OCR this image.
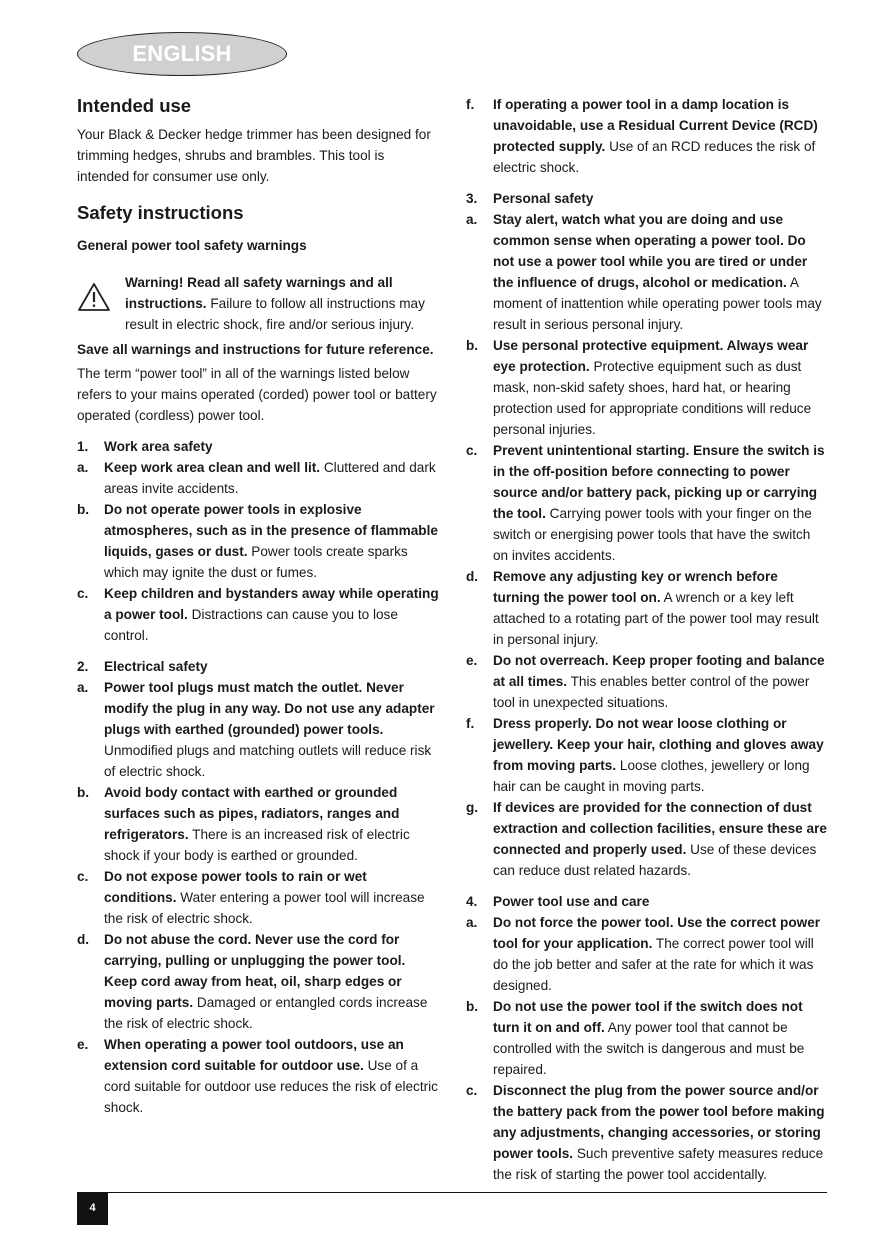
ENGLISH
Intended use

Your Black & Decker hedge trimmer has been designed for trimming hedges, shrubs and brambles. This tool is intended for consumer use only.

Safety instructions

General power tool safety warnings

Warning! Read all safety warnings and all instructions. Failure to follow all instructions may result in electric shock, fire and/or serious injury.

Save all warnings and instructions for future reference.

The term “power tool” in all of the warnings listed below refers to your mains operated (corded) power tool or battery operated (cordless) power tool.

1.	Work area safety
a.	Keep work area clean and well lit. Cluttered and dark areas invite accidents.
b.	Do not operate power tools in explosive atmospheres, such as in the presence of flammable liquids, gases or dust. Power tools create sparks which may ignite the dust or fumes.
c.	Keep children and bystanders away while operating a power tool. Distractions can cause you to lose control.
2.	Electrical safety
a.	Power tool plugs must match the outlet. Never modify the plug in any way. Do not use any adapter plugs with earthed (grounded) power tools. Unmodified plugs and matching outlets will reduce risk of electric shock.
b.	Avoid body contact with earthed or grounded surfaces such as pipes, radiators, ranges and refrigerators. There is an increased risk of electric shock if your body is earthed or grounded.
c.	Do not expose power tools to rain or wet conditions. Water entering a power tool will increase the risk of electric shock.
d.	Do not abuse the cord. Never use the cord for carrying, pulling or unplugging the power tool. Keep cord away from heat, oil, sharp edges or moving parts. Damaged or entangled cords increase the risk of electric shock.
e.	When operating a power tool outdoors, use an extension cord suitable for outdoor use. Use of a cord suitable for outdoor use reduces the risk of electric shock.
f.	If operating a power tool in a damp location is unavoidable, use a Residual Current Device (RCD) protected supply. Use of an RCD reduces the risk of electric shock.
3.	Personal safety
a.	Stay alert, watch what you are doing and use common sense when operating a power tool. Do not use a power tool while you are tired or under the influence of drugs, alcohol or medication. A moment of inattention while operating power tools may result in serious personal injury.
b.	Use personal protective equipment. Always wear eye protection. Protective equipment such as dust mask, non-skid safety shoes, hard hat, or hearing protection used for appropriate conditions will reduce personal injuries.
c.	Prevent unintentional starting. Ensure the switch is in the off-position before connecting to power source and/or battery pack, picking up or carrying the tool. Carrying power tools with your finger on the switch or energising power tools that have the switch on invites accidents.
d.	Remove any adjusting key or wrench before turning the power tool on. A wrench or a key left attached to a rotating part of the power tool may result in personal injury.
e.	Do not overreach. Keep proper footing and balance at all times. This enables better control of the power tool in unexpected situations.
f.	Dress properly. Do not wear loose clothing or jewellery. Keep your hair, clothing and gloves away from moving parts. Loose clothes, jewellery or long hair can be caught in moving parts.
g.	If devices are provided for the connection of dust extraction and collection facilities, ensure these are connected and properly used. Use of these devices can reduce dust related hazards.
4.	Power tool use and care
a.	Do not force the power tool. Use the correct power tool for your application. The correct power tool will do the job better and safer at the rate for which it was designed.
b.	Do not use the power tool if the switch does not turn it on and off. Any power tool that cannot be controlled with the switch is dangerous and must be repaired.
c.	Disconnect the plug from the power source and/or the battery pack from the power tool before making any adjustments, changing accessories, or storing power tools. Such preventive safety measures reduce the risk of starting the power tool accidentally.
4
